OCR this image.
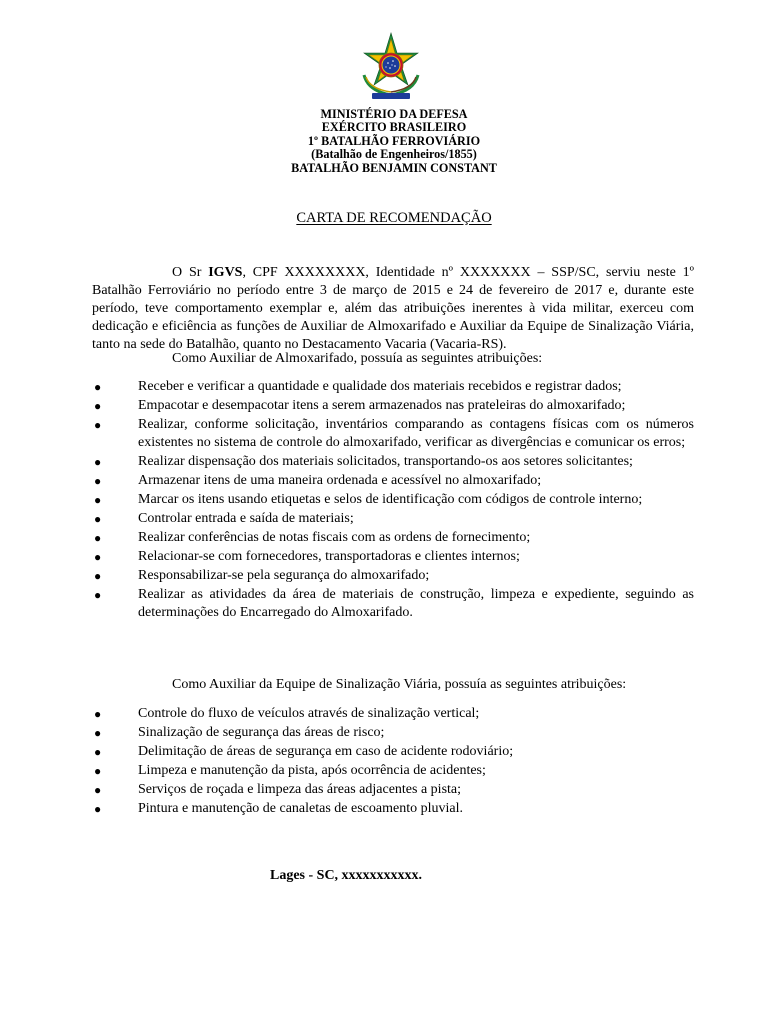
MINISTÉRIO DA DEFESA
EXÉRCITO BRASILEIRO
1º BATALHÃO FERROVIÁRIO
(Batalhão de Engenheiros/1855)
BATALHÃO BENJAMIN CONSTANT
CARTA DE RECOMENDAÇÃO
O Sr IGVS, CPF XXXXXXXX, Identidade nº XXXXXXX – SSP/SC, serviu neste 1º Batalhão Ferroviário no período entre 3 de março de 2015 e 24 de fevereiro de 2017 e, durante este período, teve comportamento exemplar e, além das atribuições inerentes à vida militar, exerceu com dedicação e eficiência as funções de Auxiliar de Almoxarifado e Auxiliar da Equipe de Sinalização Viária, tanto na sede do Batalhão, quanto no Destacamento Vacaria (Vacaria-RS).
Como Auxiliar de Almoxarifado, possuía as seguintes atribuições:
●	Receber e verificar a quantidade e qualidade dos materiais recebidos e registrar dados;
●	Empacotar e desempacotar itens a serem armazenados nas prateleiras do almoxarifado;
●	Realizar, conforme solicitação, inventários comparando as contagens físicas com os números existentes no sistema de controle do almoxarifado, verificar as divergências e comunicar os erros;
●	Realizar dispensação dos materiais solicitados, transportando-os aos setores solicitantes;
●	Armazenar itens de uma maneira ordenada e acessível no almoxarifado;
●	Marcar os itens usando etiquetas e selos de identificação com códigos de controle interno;
●	Controlar entrada e saída de materiais;
●	Realizar conferências de notas fiscais com as ordens de fornecimento;
●	Relacionar-se com fornecedores, transportadoras e clientes internos;
●	Responsabilizar-se pela segurança do almoxarifado;
●	Realizar as atividades da área de materiais de construção, limpeza e expediente, seguindo as determinações do Encarregado do Almoxarifado.
Como Auxiliar da Equipe de Sinalização Viária, possuía as seguintes atribuições:
●	Controle do fluxo de veículos através de sinalização vertical;
●	Sinalização de segurança das áreas de risco;
●	Delimitação de áreas de segurança em caso de acidente rodoviário;
●	Limpeza e manutenção da pista, após ocorrência de acidentes;
●	Serviços de roçada e limpeza das áreas adjacentes a pista;
●	Pintura e manutenção de canaletas de escoamento pluvial.
Lages - SC, xxxxxxxxxxx.
